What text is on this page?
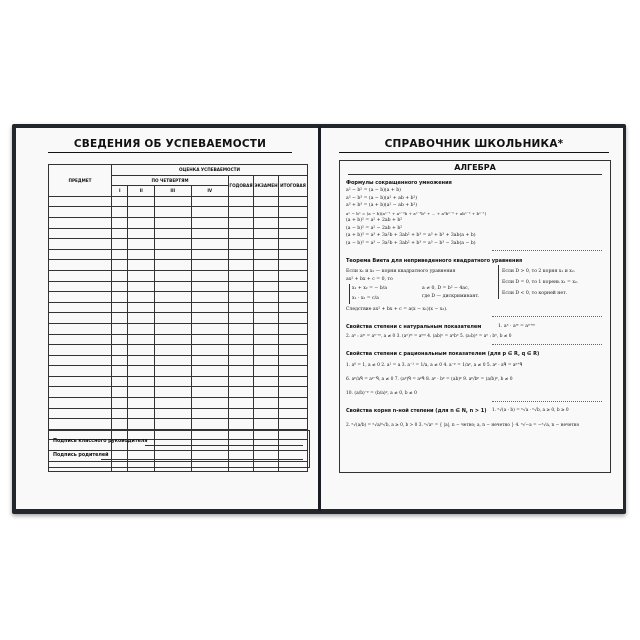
СВЕДЕНИЯ ОБ УСПЕВАЕМОСТИ
ПРЕДМЕТ	ОЦЕНКА УСПЕВАЕМОСТИ						
	ПО ЧЕТВЕРТЯМ				ГОДОВАЯ	ЭКЗАМЕН	ИТОГОВАЯ
	I	II	III	IV			

Подпись классного руководителя
Подпись родителей
СПРАВОЧНИК ШКОЛЬНИКА*
АЛГЕБРА
Формулы сокращенного умножения
a² − b² = (a − b)(a + b)
a³ − b³ = (a − b)(a² + ab + b²)
a³ + b³ = (a + b)(a² − ab + b²)
aⁿ − bⁿ = (a − b)(aⁿ⁻¹ + aⁿ⁻²b + aⁿ⁻³b² + ... + a²bⁿ⁻³ + abⁿ⁻² + bⁿ⁻¹)
(a + b)² = a² + 2ab + b²
(a − b)² = a² − 2ab + b²
(a + b)³ = a³ + 3a²b + 3ab² + b³ = a³ + b³ + 3ab(a + b)
(a − b)³ = a³ − 3a²b + 3ab² + b³ = a³ − b³ − 3ab(a − b)
Теорема Виета для неприведенного квадратного уравнения
Если x₁ и x₂ — корни квадратного уравнения
ax² + bx + c = 0, то
x₁ + x₂ = − b/a	a ≠ 0, D = b² − 4ac,
x₁ · x₂ = c/a	где D — дискриминант.
Следствие ax² + bx + c = a(x − x₁)(x − x₂).
Если D > 0, то 2 корня x₁ и x₂.
Если D = 0, то 1 корень x₁ = x₂.
Если D < 0, то корней нет.
Свойства степени с натуральным показателем	1. aⁿ · aᵐ = aⁿ⁺ᵐ
2. aⁿ : aᵐ = aⁿ⁻ᵐ, a ≠ 0 3. (aⁿ)ᵐ = aⁿᵐ 4. (ab)ⁿ = aⁿbⁿ 5. (a:b)ⁿ = aⁿ : bⁿ, b ≠ 0
Свойства степени с рациональным показателем (для p ∈ R, q ∈ R)
1. a⁰ = 1, a ≠ 0 2. a¹ = a 3. a⁻¹ = 1/a, a ≠ 0 4. a⁻ᵖ = 1/aᵖ, a ≠ 0 5. aᵖ · aᑫ = aᵖ⁺ᑫ
6. aᵖ/aᑫ = aᵖ⁻ᑫ, a ≠ 0 7. (aᵖ)ᑫ = aᵖᑫ 8. aᵖ · bᵖ = (ab)ᵖ 9. aᵖ/bᵖ = (a/b)ᵖ, b ≠ 0
10. (a/b)⁻ᵖ = (b/a)ᵖ, a ≠ 0, b ≠ 0
Свойства корня n-ной степени (для n ∈ N, n > 1) 1. ⁿ√(a · b) = ⁿ√a · ⁿ√b, a ≥ 0, b ≥ 0
2. ⁿ√(a/b) = ⁿ√a/ⁿ√b, a ≥ 0, b > 0 3. ⁿ√aⁿ = { |a|, n − четно; a, n − нечетно } 4. ⁿ√−a = −ⁿ√a, n − нечетно
